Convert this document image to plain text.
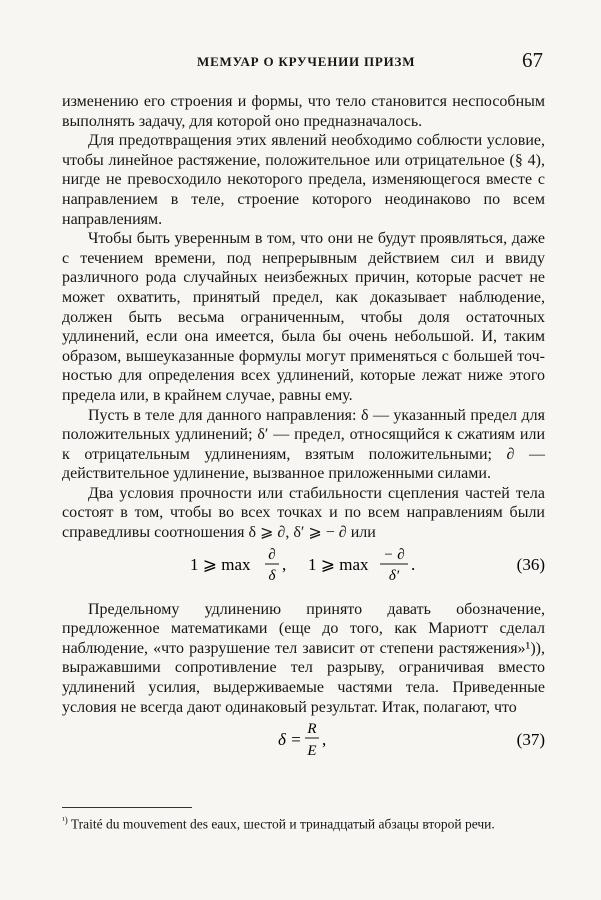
МЕМУАР О КРУЧЕНИИ ПРИЗМ	67

изменению его строения и формы, что тело становится неспособным выполнять задачу, для которой оно предназначалось.

Для предотвращения этих явлений необходимо соблюсти условие, чтобы линейное растяжение, положительное или отрицательное (§ 4), нигде не превосходило некоторого предела, изменяющегося вместе с направлением в теле, строение которого неодинаково по всем направлениям.

Чтобы быть уверенным в том, что они не будут проявляться, даже с течением времени, под непрерывным действием сил и ввиду различного рода случайных неизбежных причин, которые расчет не может охватить, принятый предел, как доказывает наблюдение, должен быть весьма ограниченным, чтобы доля остаточных удлинений, если она имеется, была бы очень небольшой. И, таким образом, вышеуказанные формулы могут применяться с большей точностью для определения всех удлинений, которые лежат ниже этого предела или, в крайнем случае, равны ему.

Пусть в теле для данного направления: δ — указанный предел для положительных удлинений; δ′ — предел, относящийся к сжатиям или к отрицательным удлинениям, взятым положительными; ∂ — действительное удлинение, вызванное приложенными силами.

Два условия прочности или стабильности сцепления частей тела состоят в том, чтобы во всех точках и по всем направлениям были справедливы соотношения δ ⩾ ∂, δ′ ⩾ − ∂ или

1 ⩾ max ∂
δ
, 1 ⩾ max − ∂
δ′
.	(36)

Предельному удлинению принято давать обозначение, предложенное математиками (еще до того, как Мариотт сделал наблюдение, «что разрушение тел зависит от степени растяжения»¹)), выражавшими сопротивление тел разрыву, ограничивая вместо удлинений усилия, выдерживаемые частями тела. Приведенные условия не всегда дают одинаковый результат. Итак, полагают, что

δ =
R
E
,	(37)
$^{^1)}$ Traité du mouvement des eaux, шестой и тринадцатый абзацы второй речи.
